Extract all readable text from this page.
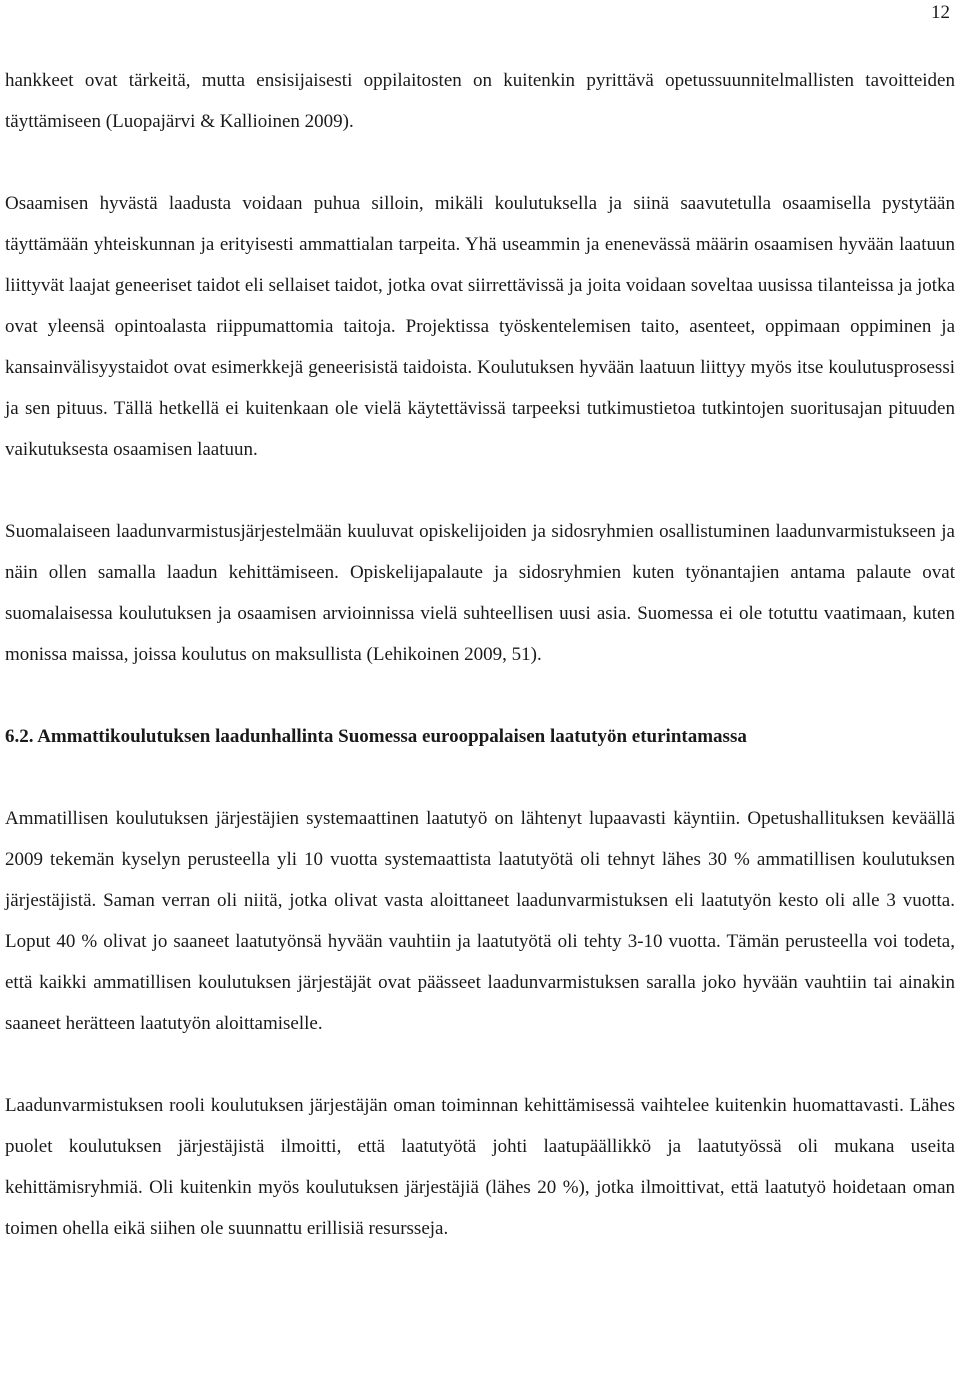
12

hankkeet ovat tärkeitä, mutta ensisijaisesti oppilaitosten on kuitenkin pyrittävä opetussuunnitelmallisten tavoitteiden täyttämiseen (Luopajärvi & Kallioinen 2009).

Osaamisen hyvästä laadusta voidaan puhua silloin, mikäli koulutuksella ja siinä saavutetulla osaamisella pystytään täyttämään yhteiskunnan ja erityisesti ammattialan tarpeita. Yhä useammin ja enenevässä määrin osaamisen hyvään laatuun liittyvät laajat geneeriset taidot eli sellaiset taidot, jotka ovat siirrettävissä ja joita voidaan soveltaa uusissa tilanteissa ja jotka ovat yleensä opintoalasta riippumattomia taitoja. Projektissa työskentelemisen taito, asenteet, oppimaan oppiminen ja kansainvälisyystaidot ovat esimerkkejä geneerisistä taidoista. Koulutuksen hyvään laatuun liittyy myös itse koulutusprosessi ja sen pituus. Tällä hetkellä ei kuitenkaan ole vielä käytettävissä tarpeeksi tutkimustietoa tutkintojen suoritusajan pituuden vaikutuksesta osaamisen laatuun.

Suomalaiseen laadunvarmistusjärjestelmään kuuluvat opiskelijoiden ja sidosryhmien osallistuminen laadunvarmistukseen ja näin ollen samalla laadun kehittämiseen. Opiskelijapalaute ja sidosryhmien kuten työnantajien antama palaute ovat suomalaisessa koulutuksen ja osaamisen arvioinnissa vielä suhteellisen uusi asia. Suomessa ei ole totuttu vaatimaan, kuten monissa maissa, joissa koulutus on maksullista (Lehikoinen 2009, 51).

6.2. Ammattikoulutuksen laadunhallinta Suomessa eurooppalaisen laatutyön eturintamassa

Ammatillisen koulutuksen järjestäjien systemaattinen laatutyö on lähtenyt lupaavasti käyntiin. Opetushallituksen keväällä 2009 tekemän kyselyn perusteella yli 10 vuotta systemaattista laatutyötä oli tehnyt lähes 30 % ammatillisen koulutuksen järjestäjistä. Saman verran oli niitä, jotka olivat vasta aloittaneet laadunvarmistuksen eli laatutyön kesto oli alle 3 vuotta. Loput 40 % olivat jo saaneet laatutyönsä hyvään vauhtiin ja laatutyötä oli tehty 3-10 vuotta. Tämän perusteella voi todeta, että kaikki ammatillisen koulutuksen järjestäjät ovat päässeet laadunvarmistuksen saralla joko hyvään vauhtiin tai ainakin saaneet herätteen laatutyön aloittamiselle.

Laadunvarmistuksen rooli koulutuksen järjestäjän oman toiminnan kehittämisessä vaihtelee kuitenkin huomattavasti. Lähes puolet koulutuksen järjestäjistä ilmoitti, että laatutyötä johti laatupäällikkö ja laatutyössä oli mukana useita kehittämisryhmiä. Oli kuitenkin myös koulutuksen järjestäjiä (lähes 20 %), jotka ilmoittivat, että laatutyö hoidetaan oman toimen ohella eikä siihen ole suunnattu erillisiä resursseja.
